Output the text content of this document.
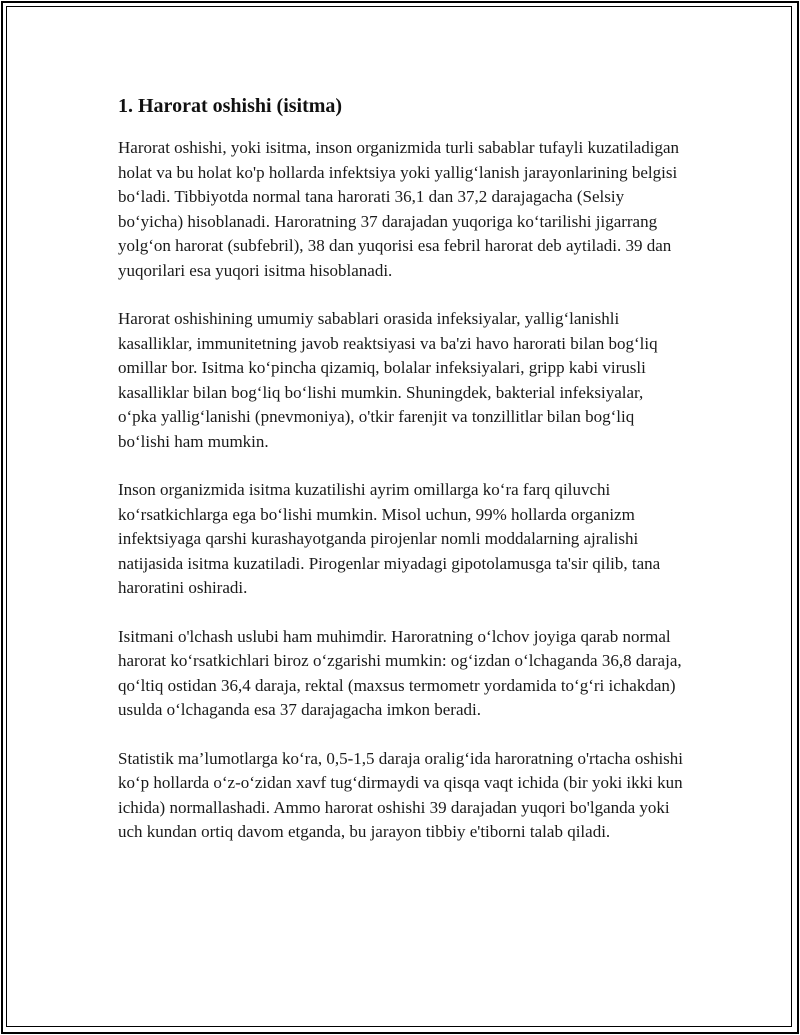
1. Harorat oshishi (isitma)

Harorat oshishi, yoki isitma, inson organizmida turli sabablar tufayli kuzatiladigan holat va bu holat ko'p hollarda infektsiya yoki yallig‘lanish jarayonlarining belgisi bo‘ladi. Tibbiyotda normal tana harorati 36,1 dan 37,2 darajagacha (Selsiy bo‘yicha) hisoblanadi. Haroratning 37 darajadan yuqoriga ko‘tarilishi jigarrang yolg‘on harorat (subfebril), 38 dan yuqorisi esa febril harorat deb aytiladi. 39 dan yuqorilari esa yuqori isitma hisoblanadi.

Harorat oshishining umumiy sabablari orasida infeksiyalar, yallig‘lanishli kasalliklar, immunitetning javob reaktsiyasi va ba'zi havo harorati bilan bog‘liq omillar bor. Isitma ko‘pincha qizamiq, bolalar infeksiyalari, gripp kabi virusli kasalliklar bilan bog‘liq bo‘lishi mumkin. Shuningdek, bakterial infeksiyalar, o‘pka yallig‘lanishi (pnevmoniya), o'tkir farenjit va tonzillitlar bilan bog‘liq bo‘lishi ham mumkin.

Inson organizmida isitma kuzatilishi ayrim omillarga ko‘ra farq qiluvchi ko‘rsatkichlarga ega bo‘lishi mumkin. Misol uchun, 99% hollarda organizm infektsiyaga qarshi kurashayotganda pirojenlar nomli moddalarning ajralishi natijasida isitma kuzatiladi. Pirogenlar miyadagi gipotolamusga ta'sir qilib, tana haroratini oshiradi.

Isitmani o'lchash uslubi ham muhimdir. Haroratning o‘lchov joyiga qarab normal harorat ko‘rsatkichlari biroz o‘zgarishi mumkin: og‘izdan o‘lchaganda 36,8 daraja, qo‘ltiq ostidan 36,4 daraja, rektal (maxsus termometr yordamida to‘g‘ri ichakdan) usulda o‘lchaganda esa 37 darajagacha imkon beradi.

Statistik ma’lumotlarga ko‘ra, 0,5-1,5 daraja oralig‘ida haroratning o'rtacha oshishi ko‘p hollarda o‘z-o‘zidan xavf tug‘dirmaydi va qisqa vaqt ichida (bir yoki ikki kun ichida) normallashadi. Ammo harorat oshishi 39 darajadan yuqori bo'lganda yoki uch kundan ortiq davom etganda, bu jarayon tibbiy e'tiborni talab qiladi.
